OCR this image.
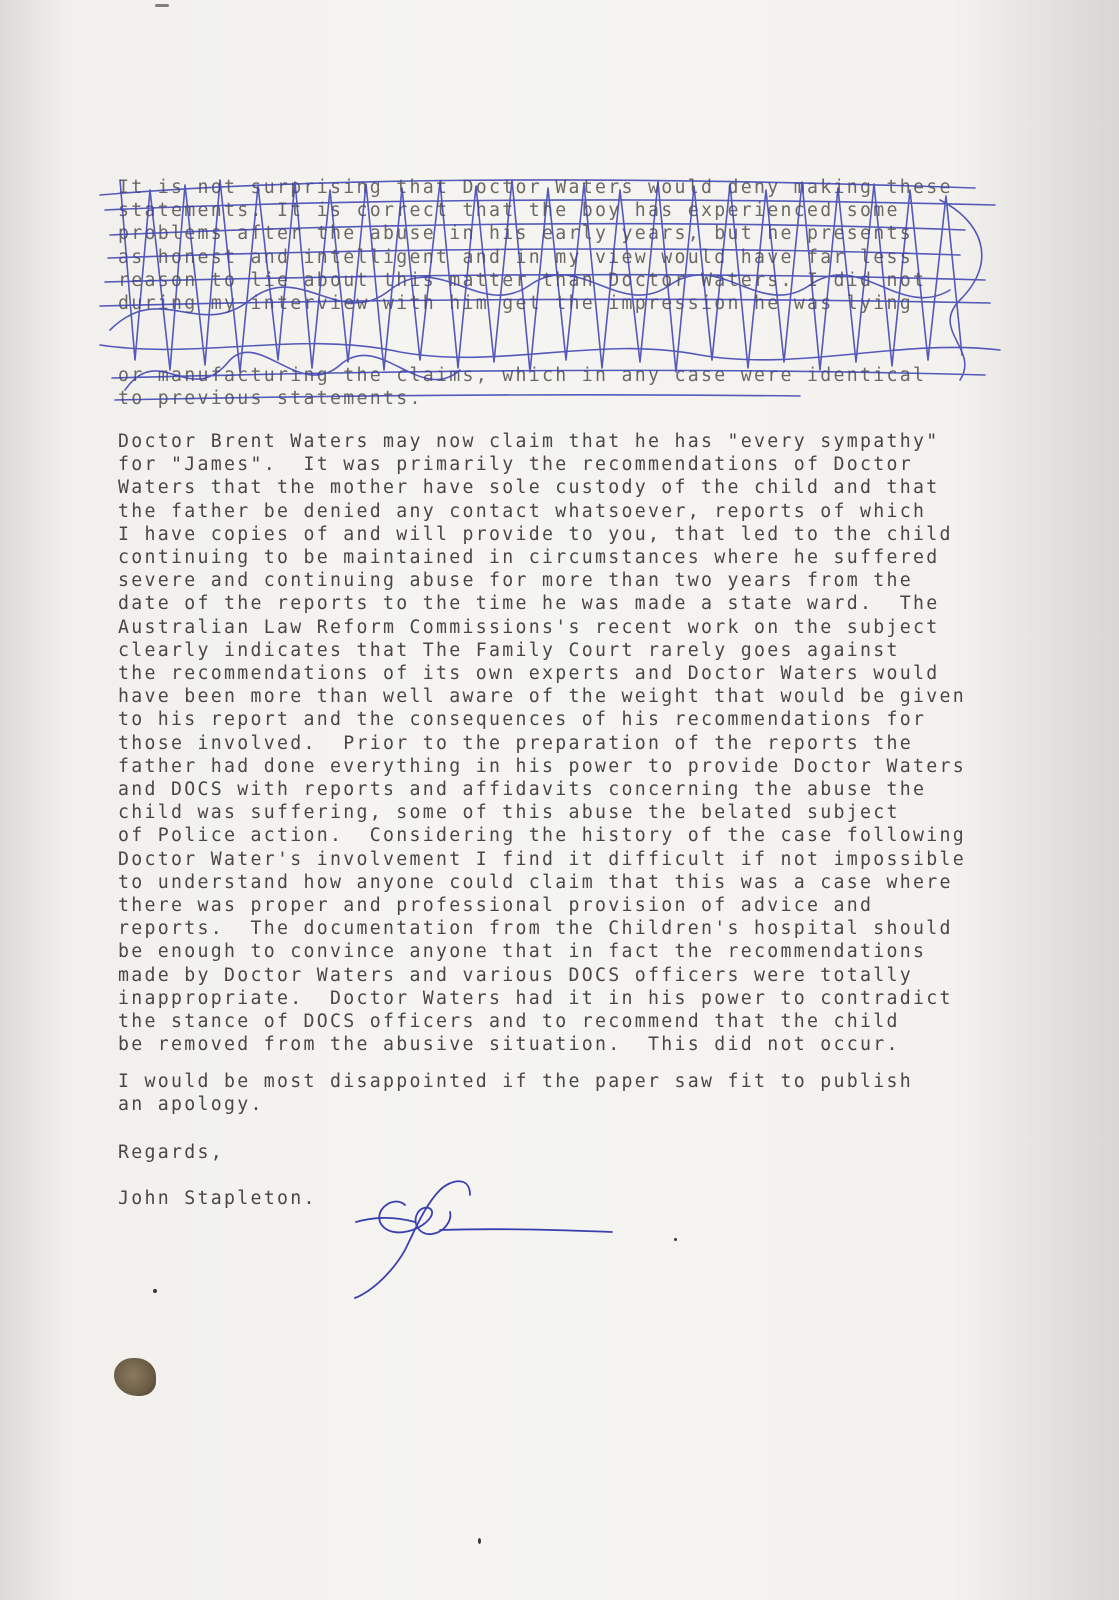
It is not surprising that Doctor Waters would deny making these
statements. It is correct that the boy has experienced some
problems after the abuse in his early years, but he presents
as honest and intelligent and in my view would have far less
reason to lie about this matter than Doctor Waters. I did not
during my interview with him get the impression he was lying
or manufacturing the claims, which in any case were identical
to previous statements.
Doctor Brent Waters may now claim that he has "every sympathy"
for "James".  It was primarily the recommendations of Doctor
Waters that the mother have sole custody of the child and that
the father be denied any contact whatsoever, reports of which
I have copies of and will provide to you, that led to the child
continuing to be maintained in circumstances where he suffered
severe and continuing abuse for more than two years from the
date of the reports to the time he was made a state ward.  The
Australian Law Reform Commissions's recent work on the subject
clearly indicates that The Family Court rarely goes against
the recommendations of its own experts and Doctor Waters would
have been more than well aware of the weight that would be given
to his report and the consequences of his recommendations for
those involved.  Prior to the preparation of the reports the
father had done everything in his power to provide Doctor Waters
and DOCS with reports and affidavits concerning the abuse the
child was suffering, some of this abuse the belated subject
of Police action.  Considering the history of the case following
Doctor Water's involvement I find it difficult if not impossible
to understand how anyone could claim that this was a case where
there was proper and professional provision of advice and
reports.  The documentation from the Children's hospital should
be enough to convince anyone that in fact the recommendations
made by Doctor Waters and various DOCS officers were totally
inappropriate.  Doctor Waters had it in his power to contradict
the stance of DOCS officers and to recommend that the child
be removed from the abusive situation.  This did not occur.
I would be most disappointed if the paper saw fit to publish
an apology.
Regards,
John Stapleton.
